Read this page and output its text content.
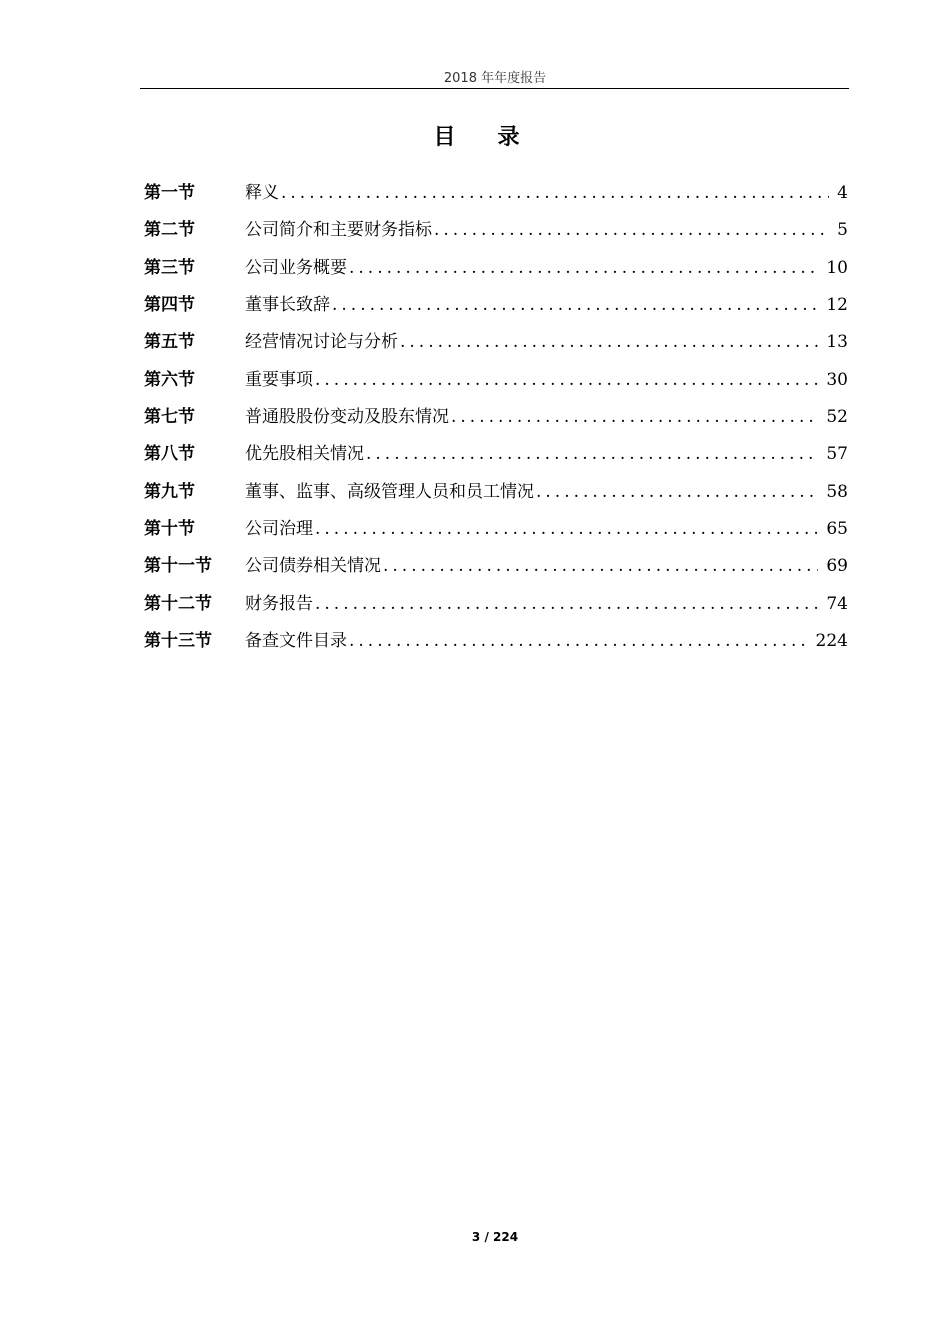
2018 年年度报告
目录
第一节	释义 .....	4
第二节	公司简介和主要财务指标 .....	5
第三节	公司业务概要 .....	10
第四节	董事长致辞 .....	12
第五节	经营情况讨论与分析 .....	13
第六节	重要事项 .....	30
第七节	普通股股份变动及股东情况 .....	52
第八节	优先股相关情况 .....	57
第九节	董事、监事、高级管理人员和员工情况 .....	58
第十节	公司治理 .....	65
第十一节	公司债券相关情况 .....	69
第十二节	财务报告 .....	74
第十三节	备查文件目录 .....	224
3 / 224
